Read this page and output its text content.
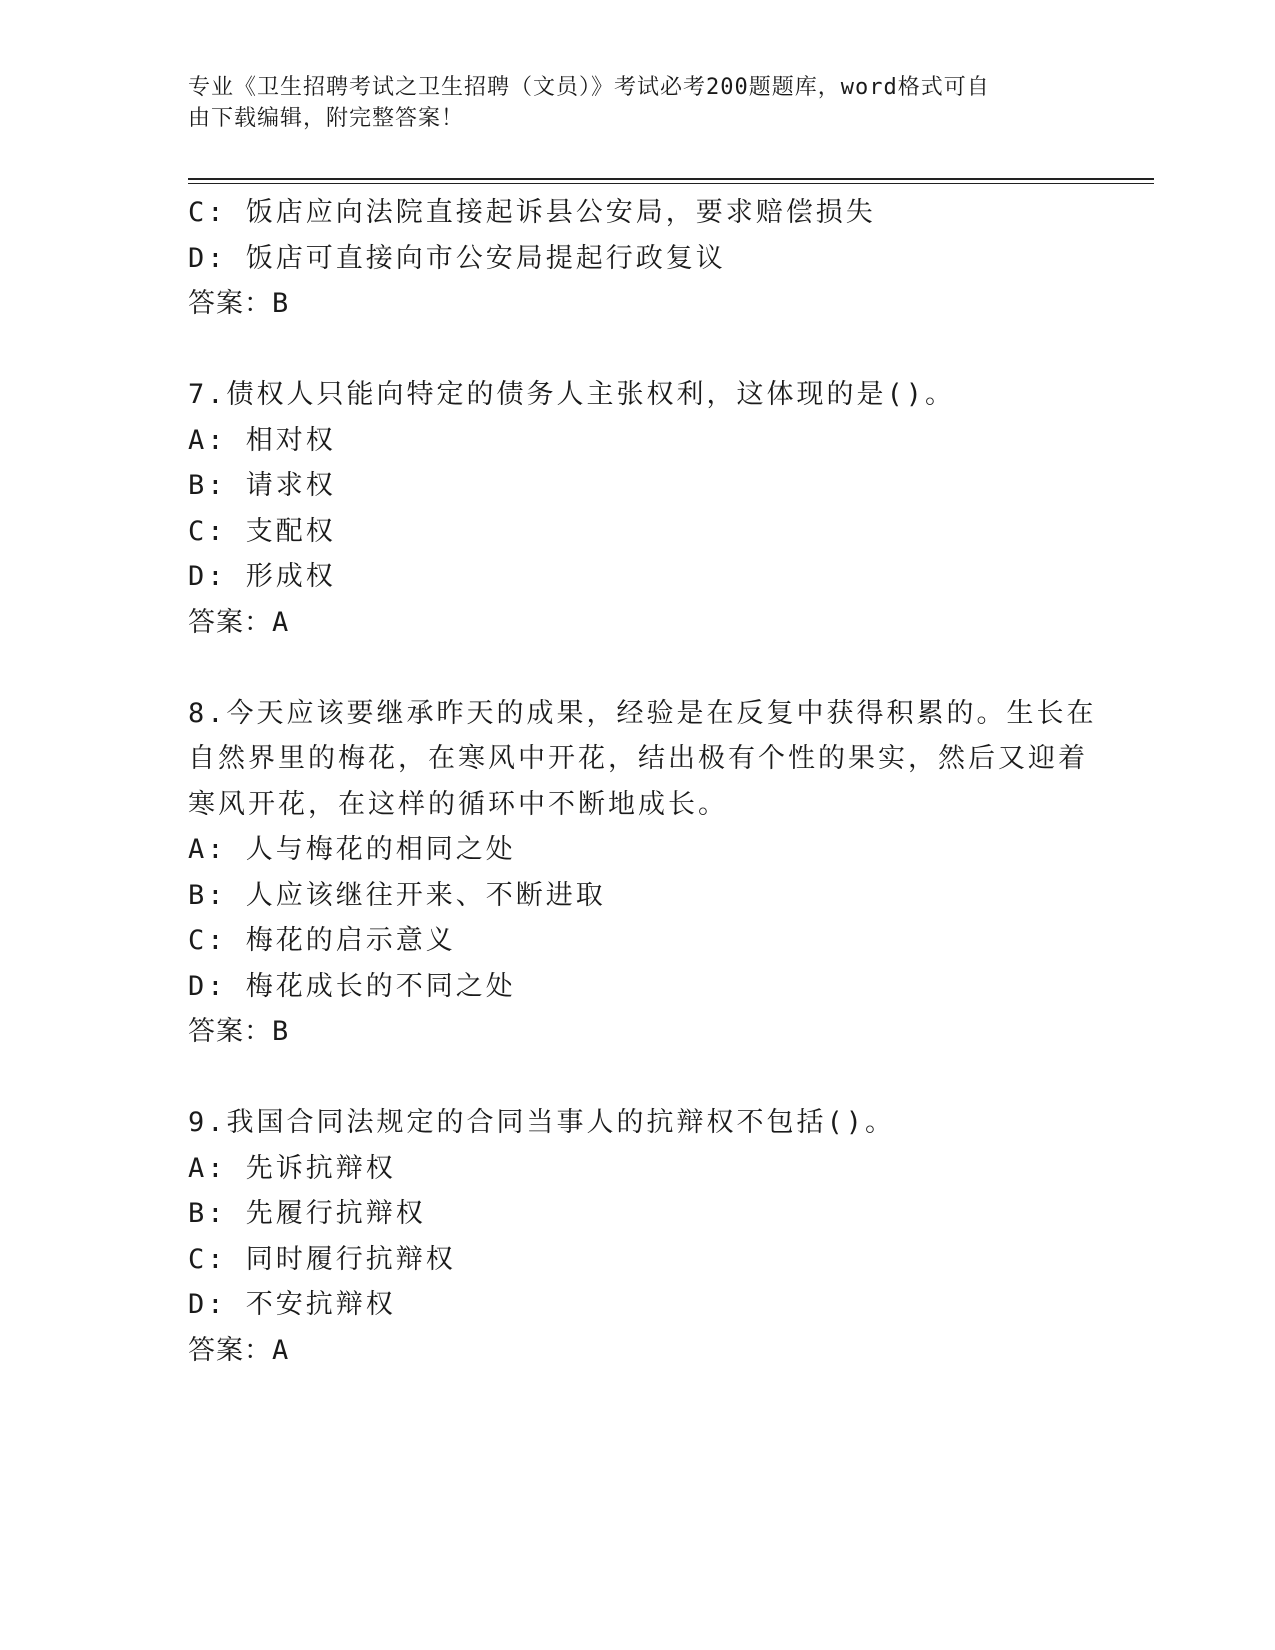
专业《卫生招聘考试之卫生招聘（文员）》考试必考200题题库，word格式可自
由下载编辑，附完整答案！
C: 饭店应向法院直接起诉县公安局，要求赔偿损失
D: 饭店可直接向市公安局提起行政复议
答案：B
7.债权人只能向特定的债务人主张权利，这体现的是()。
A: 相对权
B: 请求权
C: 支配权
D: 形成权
答案：A
8.今天应该要继承昨天的成果，经验是在反复中获得积累的。生长在
自然界里的梅花，在寒风中开花，结出极有个性的果实，然后又迎着
寒风开花，在这样的循环中不断地成长。
A: 人与梅花的相同之处
B: 人应该继往开来、不断进取
C: 梅花的启示意义
D: 梅花成长的不同之处
答案：B
9.我国合同法规定的合同当事人的抗辩权不包括()。
A: 先诉抗辩权
B: 先履行抗辩权
C: 同时履行抗辩权
D: 不安抗辩权
答案：A
